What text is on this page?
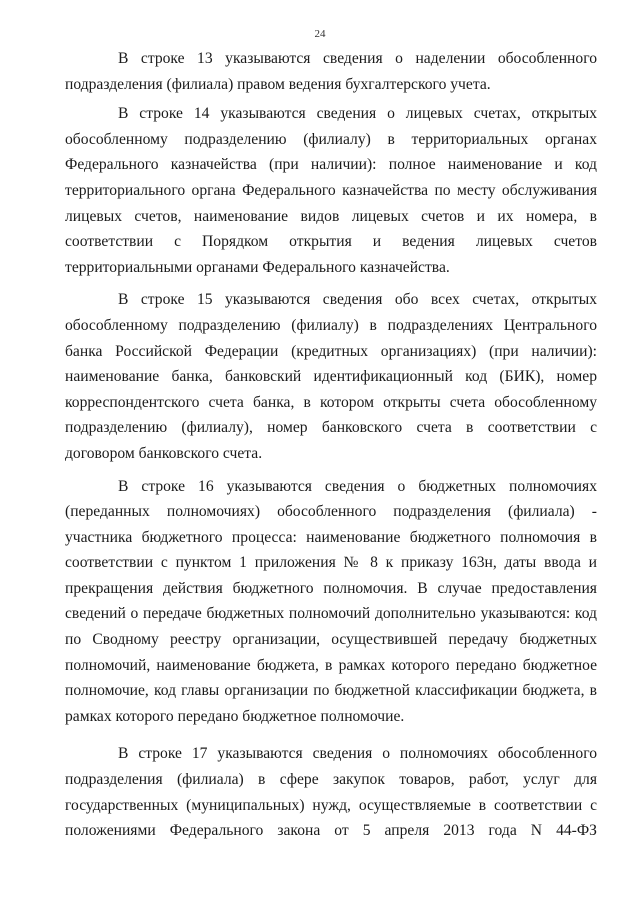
24

В строке 13 указываются сведения о наделении обособленного подразделения (филиала) правом ведения бухгалтерского учета.

В строке 14 указываются сведения о лицевых счетах, открытых обособленному подразделению (филиалу) в территориальных органах Федерального казначейства (при наличии): полное наименование и код территориального органа Федерального казначейства по месту обслуживания лицевых счетов, наименование видов лицевых счетов и их номера, в соответствии с Порядком открытия и ведения лицевых счетов территориальными органами Федерального казначейства.

В строке 15 указываются сведения обо всех счетах, открытых обособленному подразделению (филиалу) в подразделениях Центрального банка Российской Федерации (кредитных организациях) (при наличии): наименование банка, банковский идентификационный код (БИК), номер корреспондентского счета банка, в котором открыты счета обособленному подразделению (филиалу), номер банковского счета в соответствии с договором банковского счета.

В строке 16 указываются сведения о бюджетных полномочиях (переданных полномочиях) обособленного подразделения (филиала) - участника бюджетного процесса: наименование бюджетного полномочия в соответствии с пунктом 1 приложения № 8 к приказу 163н, даты ввода и прекращения действия бюджетного полномочия. В случае предоставления сведений о передаче бюджетных полномочий дополнительно указываются: код по Сводному реестру организации, осуществившей передачу бюджетных полномочий, наименование бюджета, в рамках которого передано бюджетное полномочие, код главы организации по бюджетной классификации бюджета, в рамках которого передано бюджетное полномочие.

В строке 17 указываются сведения о полномочиях обособленного подразделения (филиала) в сфере закупок товаров, работ, услуг для государственных (муниципальных) нужд, осуществляемые в соответствии с положениями Федерального закона от 5 апреля 2013 года N 44-ФЗ
